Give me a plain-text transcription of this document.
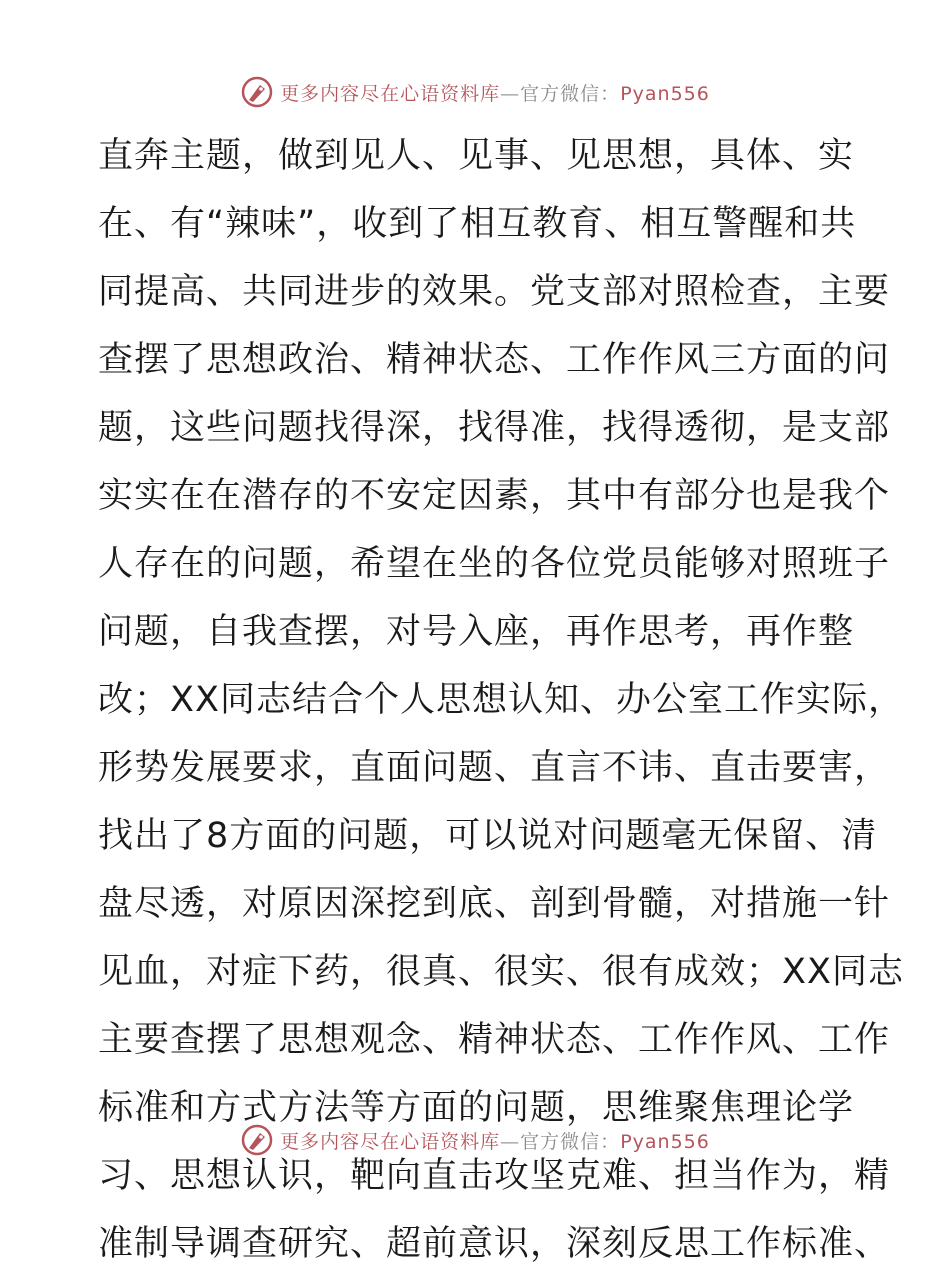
更多内容尽在心语资料库—官方微信：Pyan556
直奔主题，做到见人、见事、见思想，具体、实
在、有“辣味”，收到了相互教育、相互警醒和共
同提高、共同进步的效果。党支部对照检查，主要
查摆了思想政治、精神状态、工作作风三方面的问
题，这些问题找得深，找得准，找得透彻，是支部
实实在在潜存的不安定因素，其中有部分也是我个
人存在的问题，希望在坐的各位党员能够对照班子
问题，自我查摆，对号入座，再作思考，再作整
改；XX同志结合个人思想认知、办公室工作实际，
形势发展要求，直面问题、直言不讳、直击要害，
找出了8方面的问题，可以说对问题毫无保留、清
盘尽透，对原因深挖到底、剖到骨髓，对措施一针
见血，对症下药，很真、很实、很有成效；XX同志
主要查摆了思想观念、精神状态、工作作风、工作
标准和方式方法等方面的问题，思维聚焦理论学
习、思想认识，靶向直击攻坚克难、担当作为，精
准制导调查研究、超前意识，深刻反思工作标准、
更多内容尽在心语资料库—官方微信：Pyan556
